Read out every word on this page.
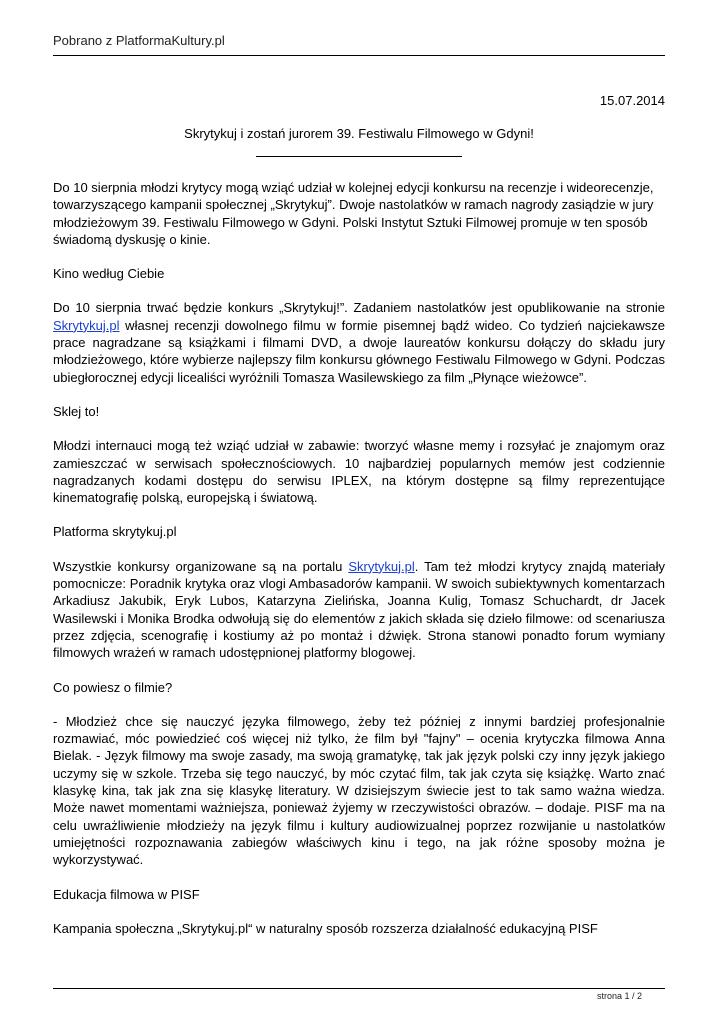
Pobrano z PlatformaKultury.pl
15.07.2014
Skrytykuj i zostań jurorem 39. Festiwalu Filmowego w Gdyni!

Do 10 sierpnia młodzi krytycy mogą wziąć udział w kolejnej edycji konkursu na recenzje i wideorecenzje, towarzyszącego kampanii społecznej „Skrytykuj”. Dwoje nastolatków w ramach nagrody zasiądzie w jury młodzieżowym 39. Festiwalu Filmowego w Gdyni. Polski Instytut Sztuki Filmowej promuje w ten sposób świadomą dyskusję o kinie.

Kino według Ciebie

Do 10 sierpnia trwać będzie konkurs „Skrytykuj!”. Zadaniem nastolatków jest opublikowanie na stronie Skrytykuj.pl własnej recenzji dowolnego filmu w formie pisemnej bądź wideo. Co tydzień najciekawsze prace nagradzane są książkami i filmami DVD, a dwoje laureatów konkursu dołączy do składu jury młodzieżowego, które wybierze najlepszy film konkursu głównego Festiwalu Filmowego w Gdyni. Podczas ubiegłorocznej edycji licealiści wyróżnili Tomasza Wasilewskiego za film „Płynące wieżowce”.

Sklej to!

Młodzi internauci mogą też wziąć udział w zabawie: tworzyć własne memy i rozsyłać je znajomym oraz zamieszczać w serwisach społecznościowych. 10 najbardziej popularnych memów jest codziennie nagradzanych kodami dostępu do serwisu IPLEX, na którym dostępne są filmy reprezentujące kinematografię polską, europejską i światową.

Platforma skrytykuj.pl

Wszystkie konkursy organizowane są na portalu Skrytykuj.pl. Tam też młodzi krytycy znajdą materiały pomocnicze: Poradnik krytyka oraz vlogi Ambasadorów kampanii. W swoich subiektywnych komentarzach Arkadiusz Jakubik, Eryk Lubos, Katarzyna Zielińska, Joanna Kulig, Tomasz Schuchardt, dr Jacek Wasilewski i Monika Brodka odwołują się do elementów z jakich składa się dzieło filmowe: od scenariusza przez zdjęcia, scenografię i kostiumy aż po montaż i dźwięk. Strona stanowi ponadto forum wymiany filmowych wrażeń w ramach udostępnionej platformy blogowej.

Co powiesz o filmie?

- Młodzież chce się nauczyć języka filmowego, żeby też później z innymi bardziej profesjonalnie rozmawiać, móc powiedzieć coś więcej niż tylko, że film był "fajny" – ocenia krytyczka filmowa Anna Bielak. - Język filmowy ma swoje zasady, ma swoją gramatykę, tak jak język polski czy inny język jakiego uczymy się w szkole. Trzeba się tego nauczyć, by móc czytać film, tak jak czyta się książkę. Warto znać klasykę kina, tak jak zna się klasykę literatury. W dzisiejszym świecie jest to tak samo ważna wiedza. Może nawet momentami ważniejsza, ponieważ żyjemy w rzeczywistości obrazów. – dodaje. PISF ma na celu uwrażliwienie młodzieży na język filmu i kultury audiowizualnej poprzez rozwijanie u nastolatków umiejętności rozpoznawania zabiegów właściwych kinu i tego, na jak różne sposoby można je wykorzystywać.

Edukacja filmowa w PISF

Kampania społeczna „Skrytykuj.pl“ w naturalny sposób rozszerza działalność edukacyjną PISF

strona 1 / 2
